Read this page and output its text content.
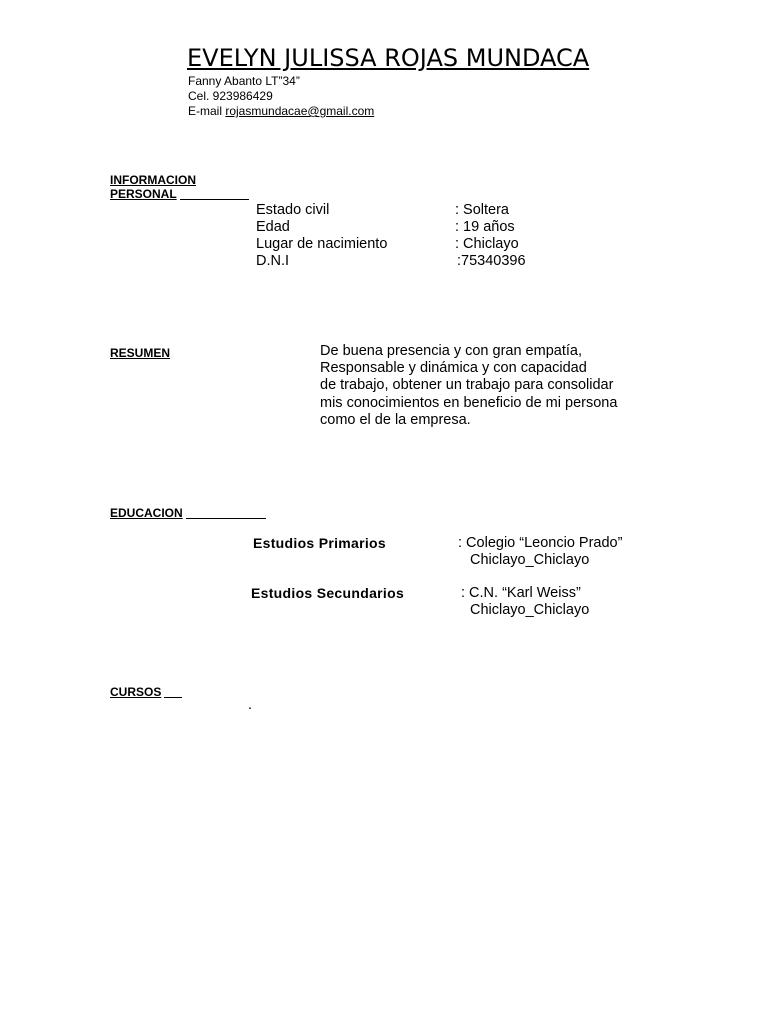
EVELYN JULISSA ROJAS MUNDACA
Fanny Abanto LT”34”
Cel. 923986429
E-mail rojasmundacae@gmail.com
INFORMACION
PERSONAL
Estado civil	: Soltera
Edad	: 19 años
Lugar de nacimiento	: Chiclayo
D.N.I	:75340396
RESUMEN	De buena presencia y con gran empatía,
Responsable y dinámica y con capacidad
de trabajo, obtener un trabajo para consolidar
mis conocimientos en beneficio de mi persona
como el de la empresa.
EDUCACION
Estudios Primarios	: Colegio “Leoncio Prado”
Chiclayo_Chiclayo
Estudios Secundarios	: C.N. “Karl Weiss”
Chiclayo_Chiclayo
CURSOS
.
